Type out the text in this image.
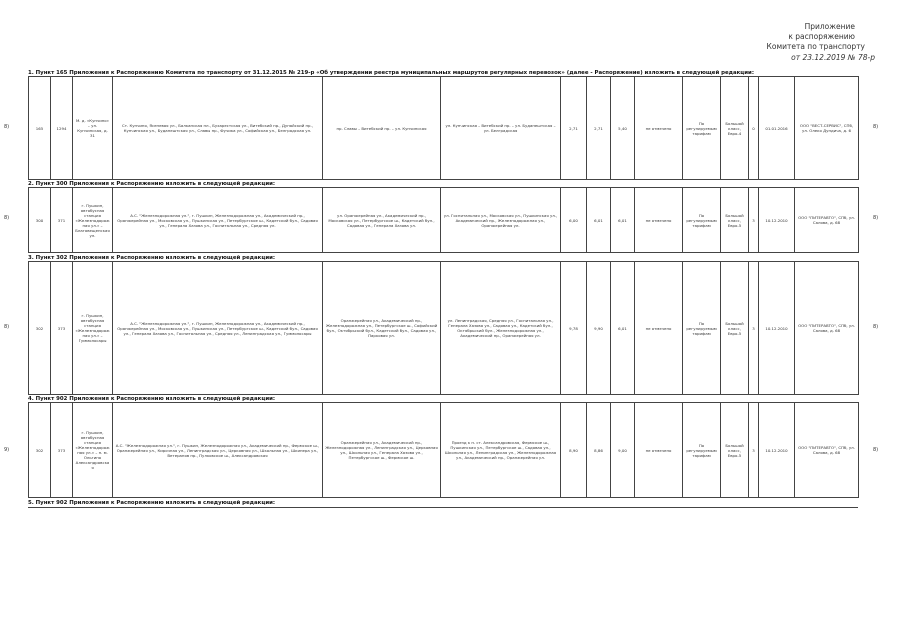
Приложение
к распоряжению
Комитета по транспорту
от 23.12.2019 № 78-р
1. Пункт 165 Приложения к Распоряжению Комитета по транспорту от 31.12.2015 № 219-р «Об утверждении реестра муниципальных маршрутов регулярных перевозок» (далее - Распоряжение) изложить в следующей редакции:
165	1294	М. д. «Купчино» – ул. Купчинская, д. 31	Ст. Купчино, Ясеневая ул., Балканская пл., Бухарестская ул., Витебский пр., Дунайский пр., Купчинская ул., Будапештская ул., Славы пр., Фучика ул., Софийская ул., Белградская ул.	пр. Славы – Витебский пр. – ул. Купчинская	ул. Купчинская – Витебский пр. – ул. Будапештская – ул. Белградская	2,71	2,71	5,40	не отмечено	По регулируемым тарифам	Большой класс, Евро-4	0	01.01.2016	ООО "ВЕСТ-СЕРВИС", СПб, ул. Олеко Дундича, д. 6
8)	8)
2. Пункт 300 Приложения к Распоряжению изложить в следующей редакции:
300	371	г. Пушкин, автобусная станция «Железнодорожная ул.» – Благовещенская ул.	А.С. "Железнодорожная ул.", г. Пушкин, Железнодорожная ул., Академический пр., Оранжерейная ул., Московская ул., Пушкинская ул., Петербургское ш., Кадетский бул., Садовая ул., Генерала Хазова ул., Госпитальная ул., Средняя ул.	ул. Оранжерейная ул., Академический пр., Московская ул., Петербургское ш., Кадетский бул., Садовая ул., Генерала Хазова ул.	ул. Госпитальная ул., Московская ул., Пушкинская ул., Академический пр., Железнодорожная ул., Оранжерейная ул.	6,00	6,01	6,01	не отмечено	По регулируемым тарифам	Большой класс, Евро-5	3	10.12.2010	ООО "ПИТЕРАВТО", СПб, ул. Салова, д. 68
8)	8)
3. Пункт 302 Приложения к Распоряжению изложить в следующей редакции:
302	373	г. Пушкин, автобусная станция «Железнодорожная ул.» – Гуммолосары	А.С. "Железнодорожная ул.", г. Пушкин, Железнодорожная ул., Академический пр., Оранжерейная ул., Московская ул., Пушкинская ул., Петербургское ш., Кадетский бул., Садовая ул., Генерала Хазова ул., Госпитальная ул., Средняя ул., Ленинградская ул., Гуммолосары	Оранжерейная ул., Академический пр., Железнодорожная ул., Петербургское ш., Софийский бул., Октябрьский бул., Кадетский бул., Садовая ул., Парковая ул.	ул. Ленинградская, Средняя ул., Госпитальная ул., Генерала Хазова ул., Садовая ул., Кадетский бул., Октябрьский бул., Железнодорожная ул., Академический пр., Оранжерейная ул.	9,78	9,90	6,01	не отмечено	По регулируемым тарифам	Большой класс, Евро-5	3	10.12.2010	ООО "ПИТЕРАВТО", СПб, ул. Салова, д. 68
8)	8)
4. Пункт 902 Приложения к Распоряжению изложить в следующей редакции:
302	373	г. Пушкин, автобусная станция «Железнодорожная ул.» – п. м. Ольгино Александровская	А.С. "Железнодорожная ул.", г. Пушкин, Железнодорожная ул., Академический пр., Фермское ш., Оранжерейная ул., Кирочная ул., Ленинградская ул., Церковная ул., Школьная ул., Шкипера ул., Ветеранов пр., Пулковское ш., Александровская	Оранжерейная ул., Академический пр., Железнодорожная ул., Ленинградская ул., Церковная ул., Школьная ул., Генерала Хазова ул., Петербургское ш., Фермское ш.	Проезд к п. ст. Александровская, Фермское ш., Пушкинская ул., Петербургское ш., Садовая ул., Школьная ул., Ленинградская ул., Железнодорожная ул., Академический пр., Оранжерейная ул.	8,90	8,86	9,00	не отмечено	По регулируемым тарифам	Большой класс, Евро-5	3	10.12.2010	ООО "ПИТЕРАВТО", СПб, ул. Салова, д. 68
9)	8)
5. Пункт 902 Приложения к Распоряжению изложить в следующей редакции:
